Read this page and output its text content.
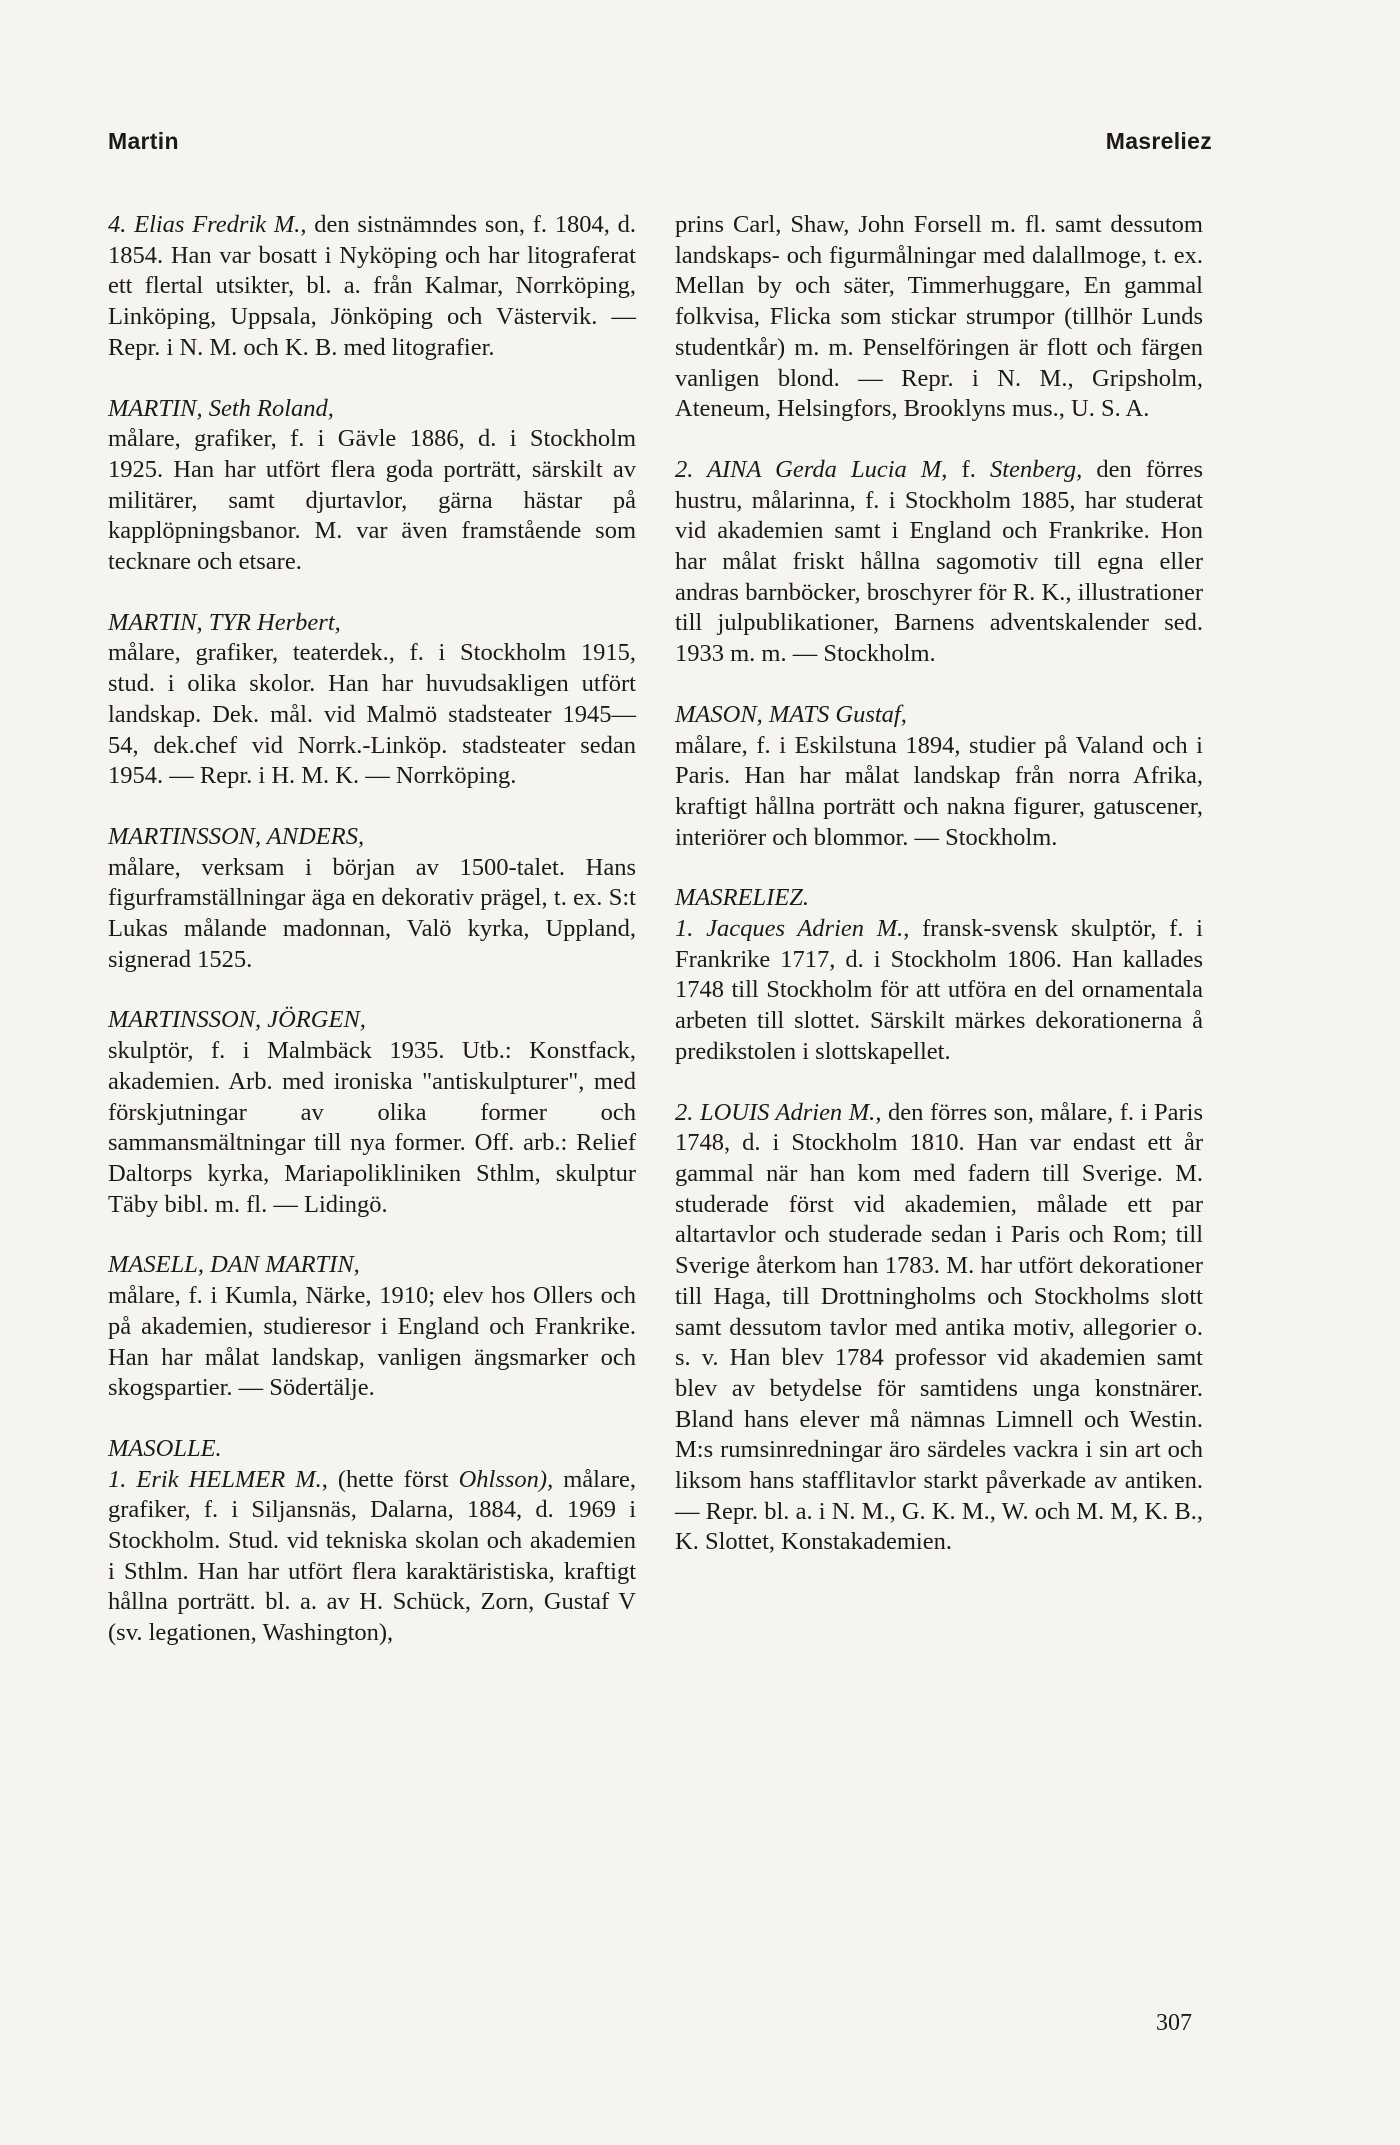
Martin	Masreliez

4. Elias Fredrik M., den sistnämndes son, f. 1804, d. 1854. Han var bosatt i Nyköping och har litograferat ett flertal utsikter, bl. a. från Kalmar, Norrköping, Linköping, Uppsala, Jönköping och Västervik. — Repr. i N. M. och K. B. med litografier.

MARTIN, Seth Roland,

målare, grafiker, f. i Gävle 1886, d. i Stockholm 1925. Han har utfört flera goda porträtt, särskilt av militärer, samt djurtavlor, gärna hästar på kapplöpningsbanor. M. var även framstående som tecknare och etsare.

MARTIN, TYR Herbert,

målare, grafiker, teaterdek., f. i Stockholm 1915, stud. i olika skolor. Han har huvudsakligen utfört landskap. Dek. mål. vid Malmö stadsteater 1945—54, dek.chef vid Norrk.-Linköp. stadsteater sedan 1954. — Repr. i H. M. K. — Norrköping.

MARTINSSON, ANDERS,

målare, verksam i början av 1500-talet. Hans figurframställningar äga en dekorativ prägel, t. ex. S:t Lukas målande madonnan, Valö kyrka, Uppland, signerad 1525.

MARTINSSON, JÖRGEN,

skulptör, f. i Malmbäck 1935. Utb.: Konstfack, akademien. Arb. med ironiska "antiskulpturer", med förskjutningar av olika former och sammansmältningar till nya former. Off. arb.: Relief Daltorps kyrka, Mariapolikliniken Sthlm, skulptur Täby bibl. m. fl. — Lidingö.

MASELL, DAN MARTIN,

målare, f. i Kumla, Närke, 1910; elev hos Ollers och på akademien, studieresor i England och Frankrike. Han har målat landskap, vanligen ängsmarker och skogspartier. — Södertälje.

MASOLLE.

1. Erik HELMER M., (hette först Ohlsson), målare, grafiker, f. i Siljansnäs, Dalarna, 1884, d. 1969 i Stockholm. Stud. vid tekniska skolan och akademien i Sthlm. Han har utfört flera karaktäristiska, kraftigt hållna porträtt. bl. a. av H. Schück, Zorn, Gustaf V (sv. legationen, Washington),

prins Carl, Shaw, John Forsell m. fl. samt dessutom landskaps- och figurmålningar med dalallmoge, t. ex. Mellan by och säter, Timmerhuggare, En gammal folkvisa, Flicka som stickar strumpor (tillhör Lunds studentkår) m. m. Penselföringen är flott och färgen vanligen blond. — Repr. i N. M., Gripsholm, Ateneum, Helsingfors, Brooklyns mus., U. S. A.

2. AINA Gerda Lucia M, f. Stenberg, den förres hustru, målarinna, f. i Stockholm 1885, har studerat vid akademien samt i England och Frankrike. Hon har målat friskt hållna sagomotiv till egna eller andras barnböcker, broschyrer för R. K., illustrationer till julpublikationer, Barnens adventskalender sed. 1933 m. m. — Stockholm.

MASON, MATS Gustaf,

målare, f. i Eskilstuna 1894, studier på Valand och i Paris. Han har målat landskap från norra Afrika, kraftigt hållna porträtt och nakna figurer, gatuscener, interiörer och blommor. — Stockholm.

MASRELIEZ.

1. Jacques Adrien M., fransk-svensk skulptör, f. i Frankrike 1717, d. i Stockholm 1806. Han kallades 1748 till Stockholm för att utföra en del ornamentala arbeten till slottet. Särskilt märkes dekorationerna å predikstolen i slottskapellet.

2. LOUIS Adrien M., den förres son, målare, f. i Paris 1748, d. i Stockholm 1810. Han var endast ett år gammal när han kom med fadern till Sverige. M. studerade först vid akademien, målade ett par altartavlor och studerade sedan i Paris och Rom; till Sverige återkom han 1783. M. har utfört dekorationer till Haga, till Drottningholms och Stockholms slott samt dessutom tavlor med antika motiv, allegorier o. s. v. Han blev 1784 professor vid akademien samt blev av betydelse för samtidens unga konstnärer. Bland hans elever må nämnas Limnell och Westin. M:s rumsinredningar äro särdeles vackra i sin art och liksom hans stafflitavlor starkt påverkade av antiken. — Repr. bl. a. i N. M., G. K. M., W. och M. M, K. B., K. Slottet, Konstakademien.

307
